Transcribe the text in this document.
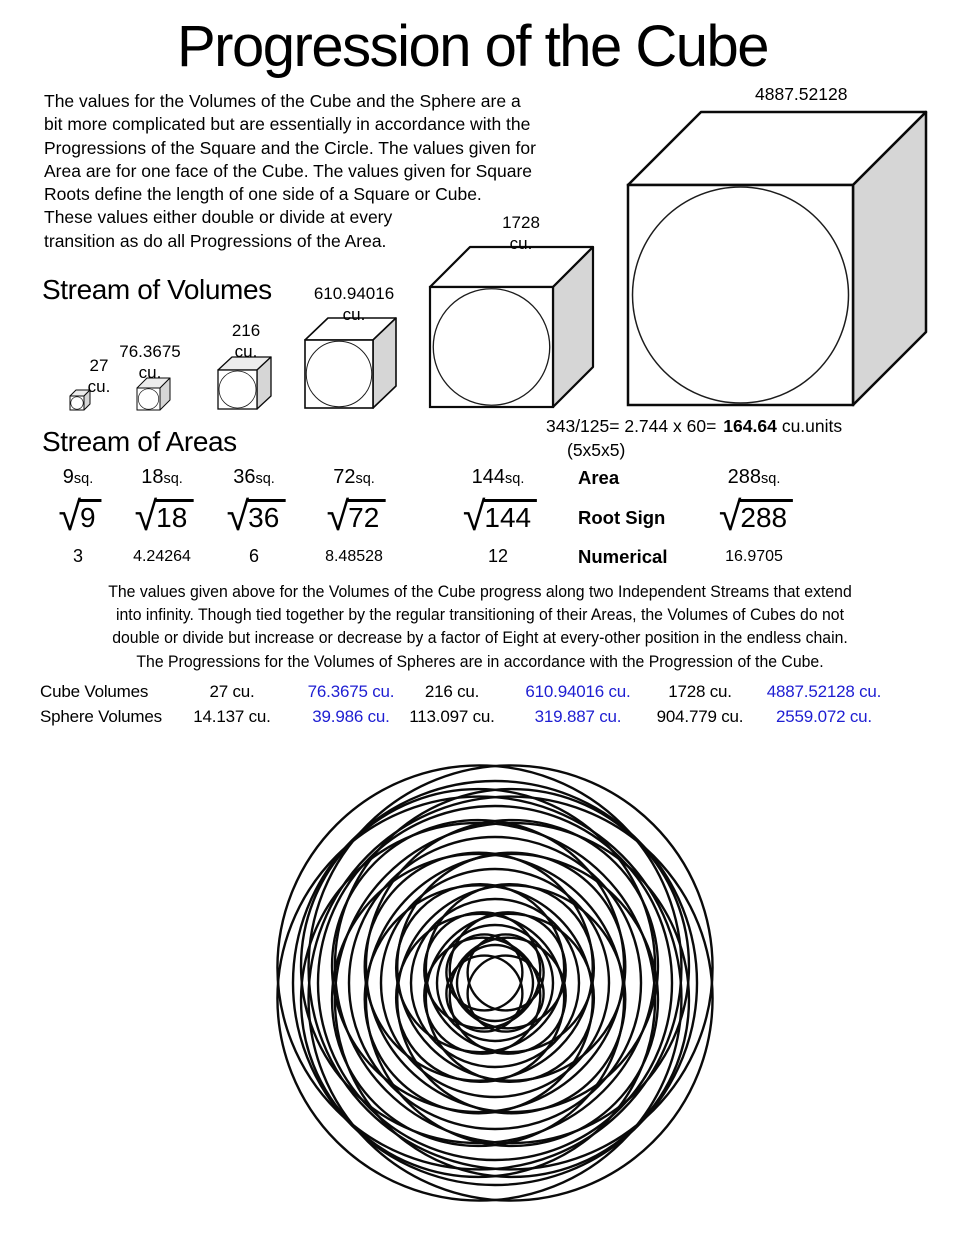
Progression of the Cube
The values for the Volumes of the Cube and the Sphere are a
bit more complicated but are essentially in accordance with the
Progressions of the Square and the Circle. The values given for
Area are for one face of the Cube. The values given for Square
Roots define the length of one side of a Square or Cube.
These values either double or divide at every
transition as do all Progressions of the Area.
Stream of Volumes
27
cu.
76.3675
cu.
216
cu.
610.94016
cu.
1728
cu.
4887.52128
343/125= 2.744 x 60= 164.64 cu.units
(5x5x5)
Stream of Areas
9sq. 18sq.	36sq.	72sq.	144sq.	288sq.
√ 9 √ 18 √ 36 √ 72 √ 144	√ 288
3	4.24264	6	8.48528	12	16.9705
Area
Root Sign
Numerical
The values given above for the Volumes of the Cube progress along two Independent Streams that extend
into infinity. Though tied together by the regular transitioning of their Areas, the Volumes of Cubes do not
double or divide but increase or decrease by a factor of Eight at every-other position in the endless chain.
The Progressions for the Volumes of Spheres are in accordance with the Progression of the Cube.
Cube Volumes	27 cu.	76.3675 cu. 216 cu.	610.94016 cu. 1728 cu. 4887.52128 cu.
Sphere Volumes 14.137 cu. 39.986 cu. 113.097 cu. 319.887 cu. 904.779 cu. 2559.072 cu.
